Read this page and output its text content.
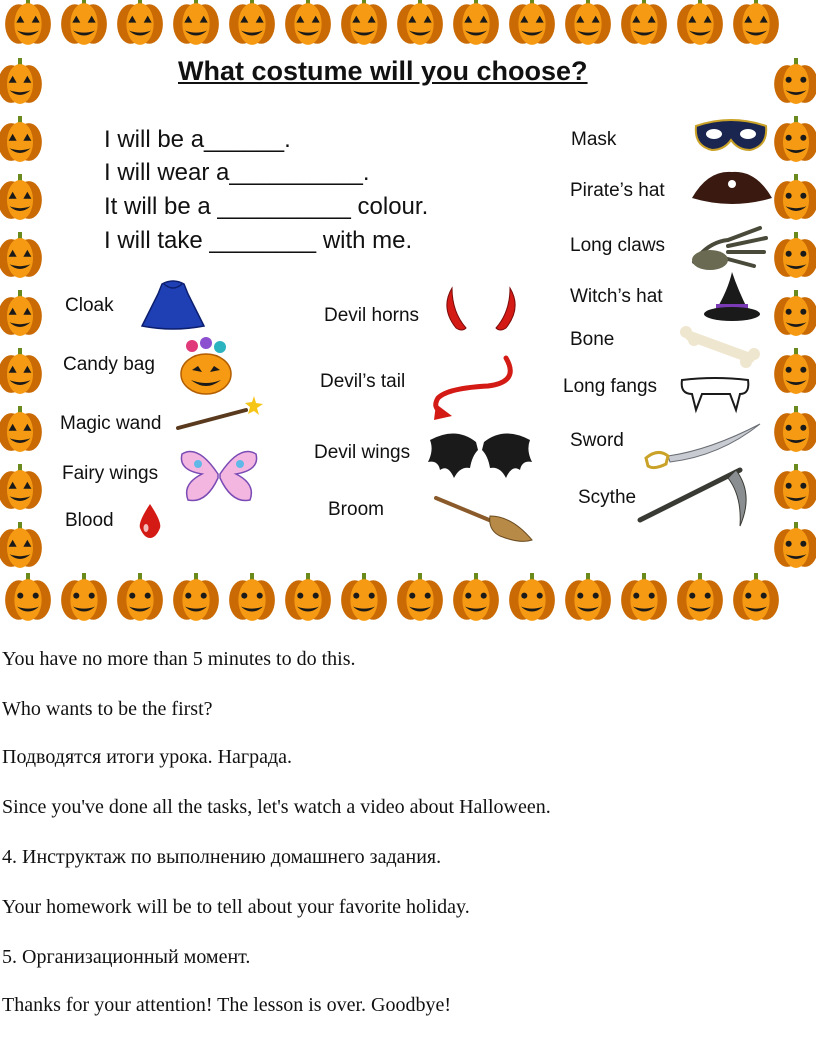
What costume will you choose?
I will be a______.
I will wear a__________.
It will be a __________ colour.
I will take ________ with me.
Cloak
Candy bag
Magic wand
Fairy wings
Blood
Devil horns
Devil’s tail
Devil wings
Broom
Mask
Pirate’s hat
Long claws
Witch’s hat
Bone
Long fangs
Sword
Scythe
You have no more than 5 minutes to do this.
Who wants to be the first?
Подводятся итоги урока. Награда.
Since you've done all the tasks, let's watch a video about Halloween.
4. Инструктаж по выполнению домашнего задания.
Your homework will be to tell about your favorite holiday.
5. Организационный момент.
Thanks for your attention! The lesson is over. Goodbye!
